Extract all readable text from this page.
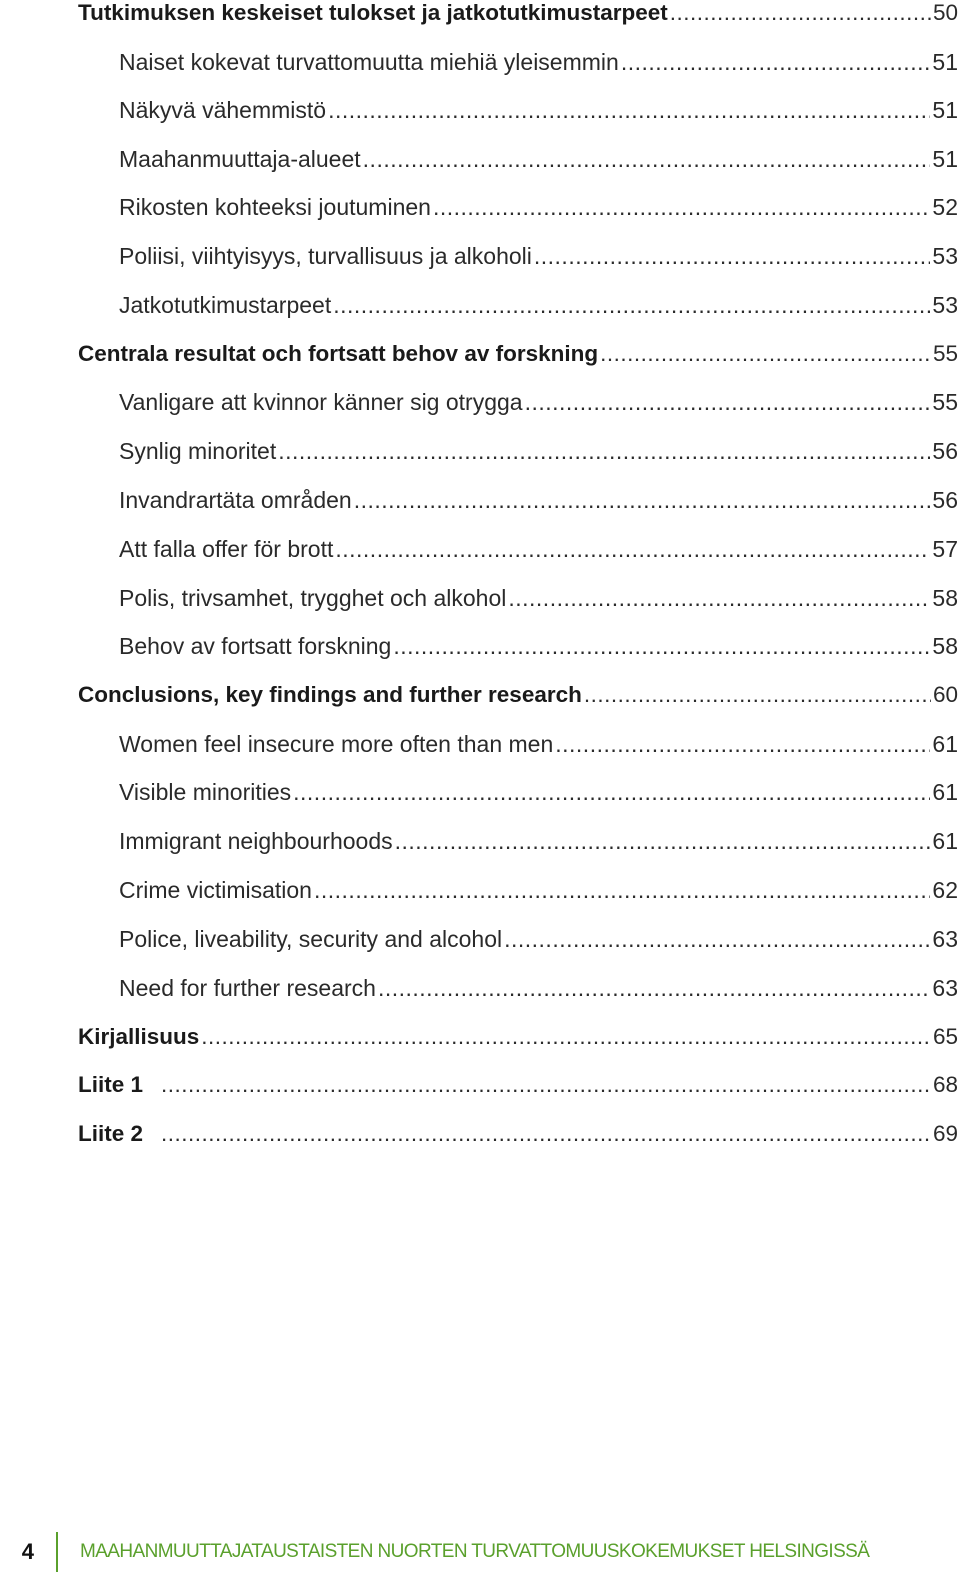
Tutkimuksen keskeiset tulokset ja jatkotutkimustarpeet .....	50
Naiset kokevat turvattomuutta miehiä yleisemmin .....	51
Näkyvä vähemmistö .....	51
Maahanmuuttaja-alueet .....	51
Rikosten kohteeksi joutuminen .....	52
Poliisi, viihtyisyys, turvallisuus ja alkoholi .....	53
Jatkotutkimustarpeet .....	53
Centrala resultat och fortsatt behov av forskning .....	55
Vanligare att kvinnor känner sig otrygga .....	55
Synlig minoritet .....	56
Invandrartäta områden .....	56
Att falla offer för brott .....	57
Polis, trivsamhet, trygghet och alkohol .....	58
Behov av fortsatt forskning .....	58
Conclusions, key findings and further research .....	60
Women feel insecure more often than men .....	61
Visible minorities .....	61
Immigrant neighbourhoods .....	61
Crime victimisation .....	62
Police, liveability, security and alcohol .....	63
Need for further research .....	63
Kirjallisuus .....	65
Liite 1 .....	68
Liite 2 .....	69
4 MAAHANMUUTTAJATAUSTAISTEN NUORTEN TURVATTOMUUSKOKEMUKSET HELSINGISSÄ
